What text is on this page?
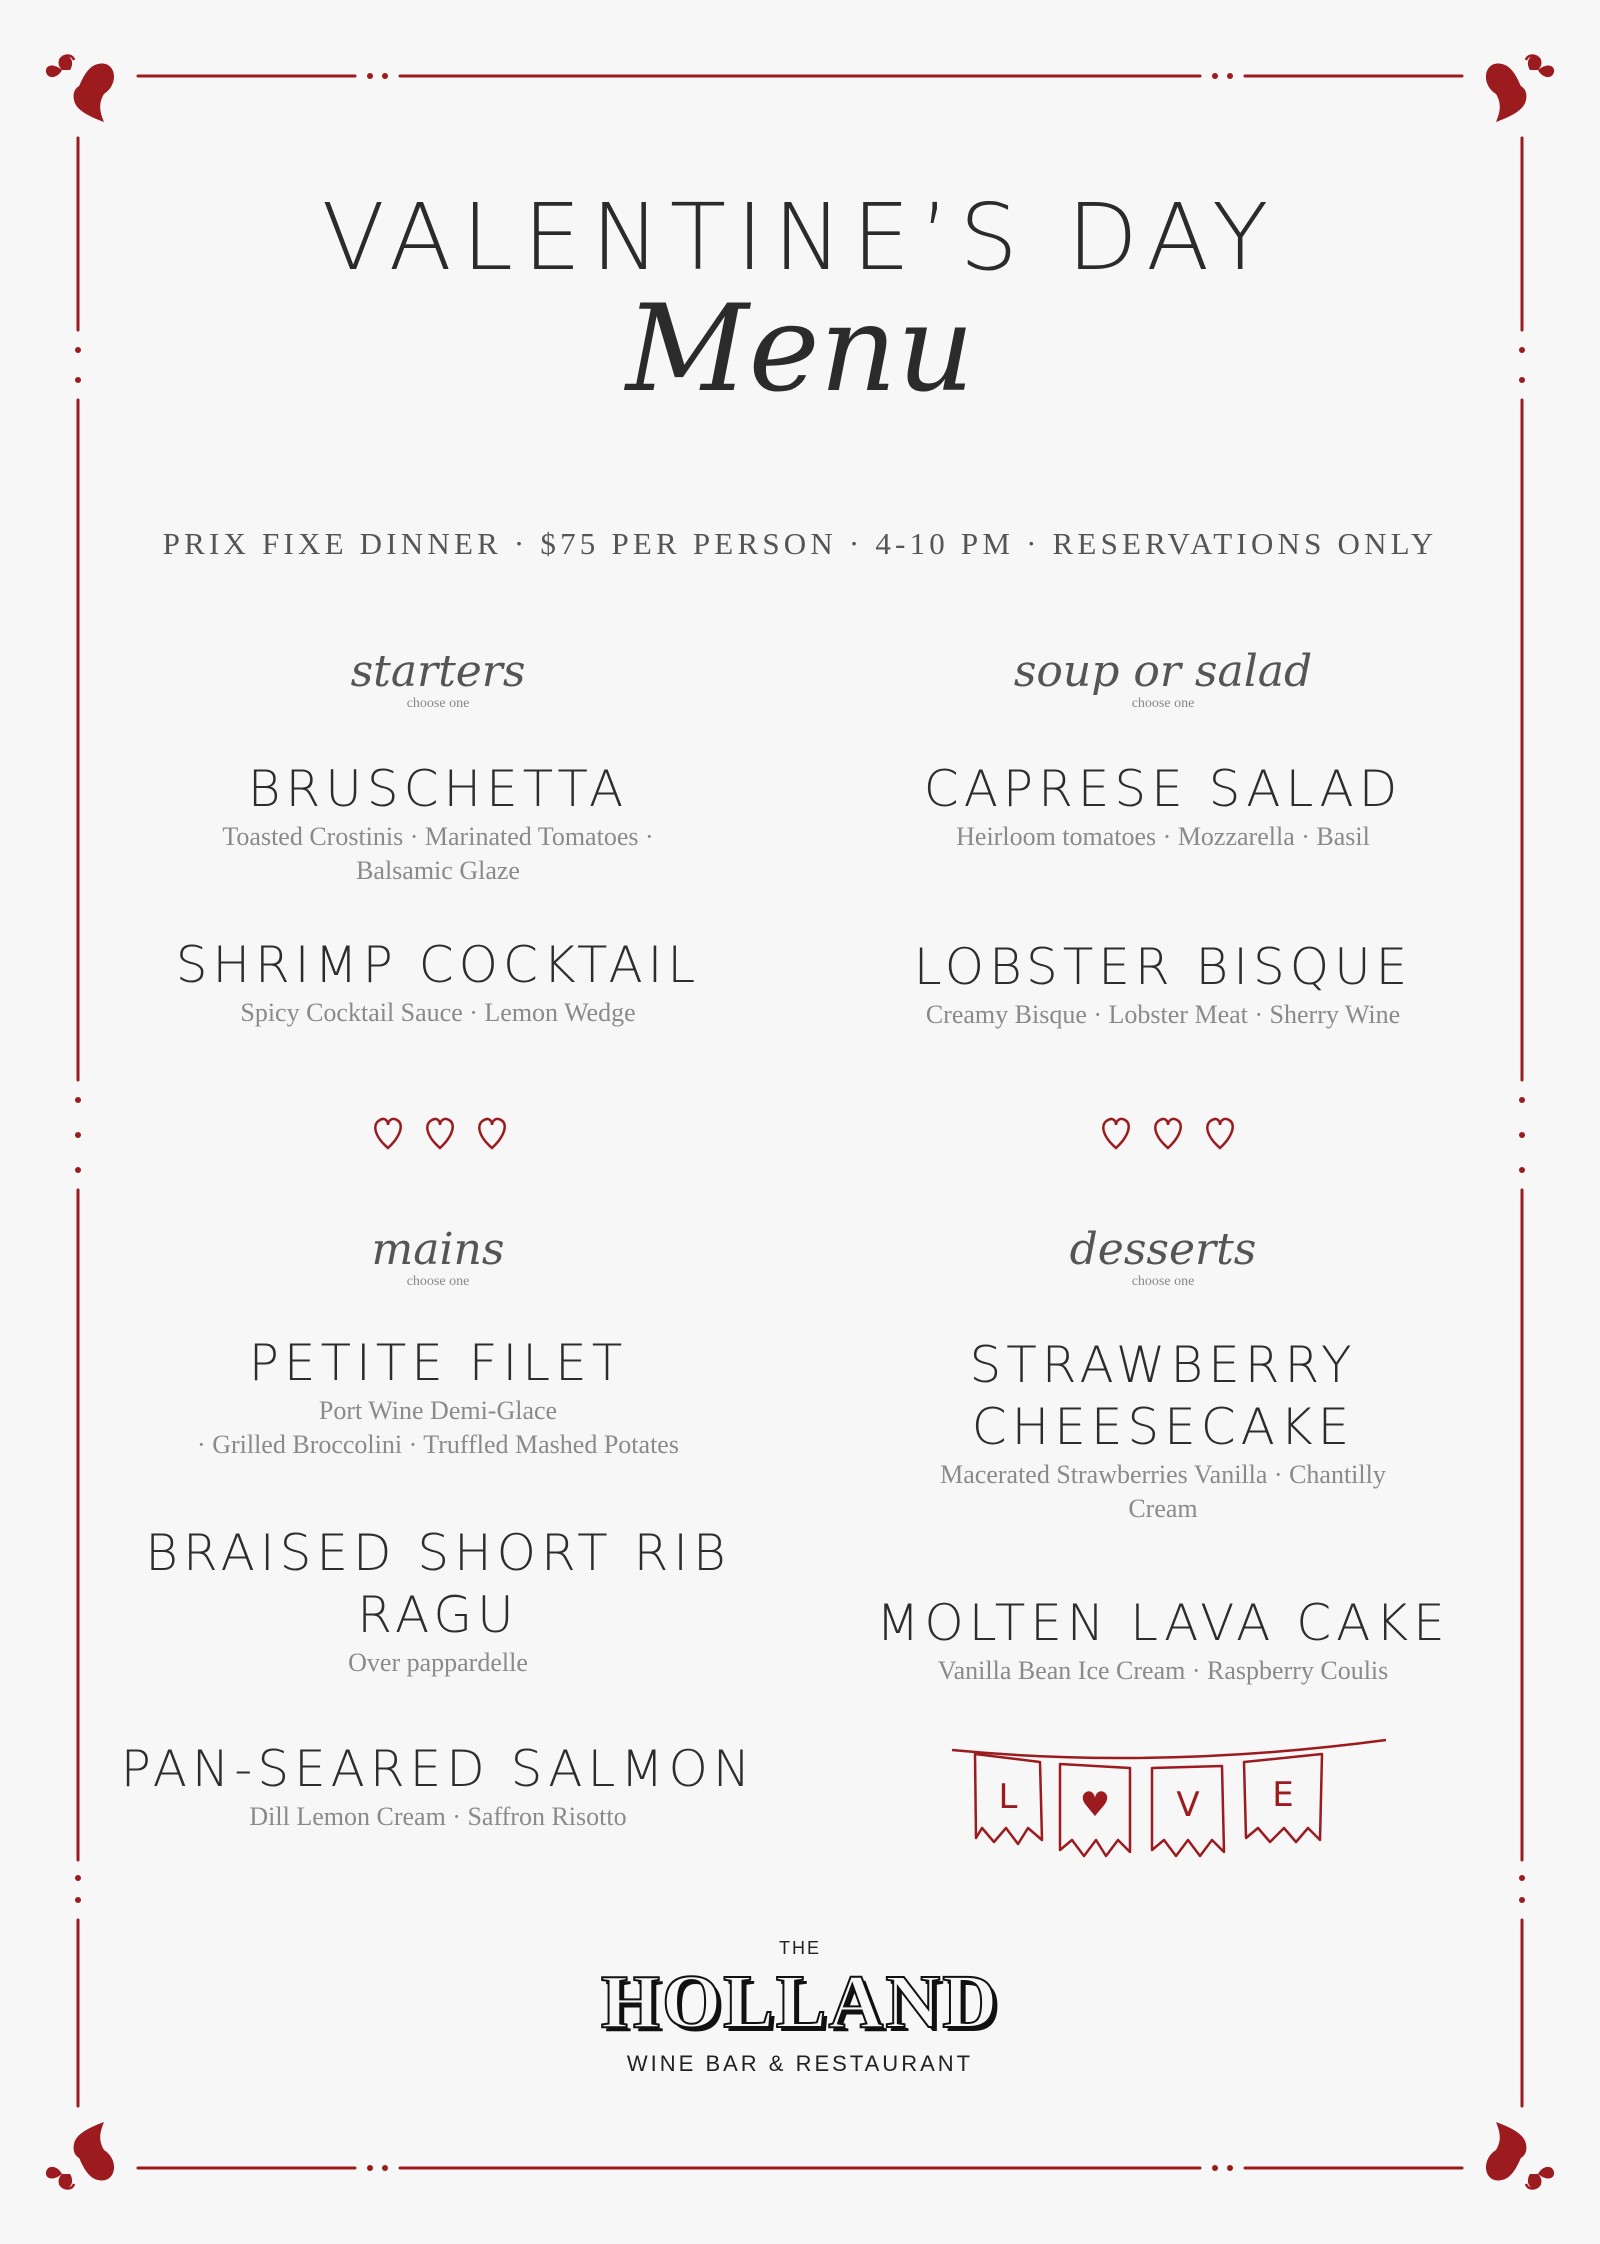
VALENTINE’S DAY
Menu
PRIX FIXE DINNER · $75 PER PERSON · 4-10 PM · RESERVATIONS ONLY
starters
choose one
BRUSCHETTA
Toasted Crostinis · Marinated Tomatoes ·
Balsamic Glaze
SHRIMP COCKTAIL
Spicy Cocktail Sauce · Lemon Wedge
soup or salad
choose one
CAPRESE SALAD
Heirloom tomatoes · Mozzarella · Basil
LOBSTER BISQUE
Creamy Bisque · Lobster Meat · Sherry Wine
mains
choose one
PETITE FILET
Port Wine Demi-Glace
· Grilled Broccolini · Truffled Mashed Potates
BRAISED SHORT RIB
RAGU
Over pappardelle
PAN-SEARED SALMON
Dill Lemon Cream · Saffron Risotto
desserts
choose one
STRAWBERRY
CHEESECAKE
Macerated Strawberries Vanilla · Chantilly
Cream
MOLTEN LAVA CAKE
Vanilla Bean Ice Cream · Raspberry Coulis
L ♥ V E
THE
HOLLAND
WINE BAR & RESTAURANT
